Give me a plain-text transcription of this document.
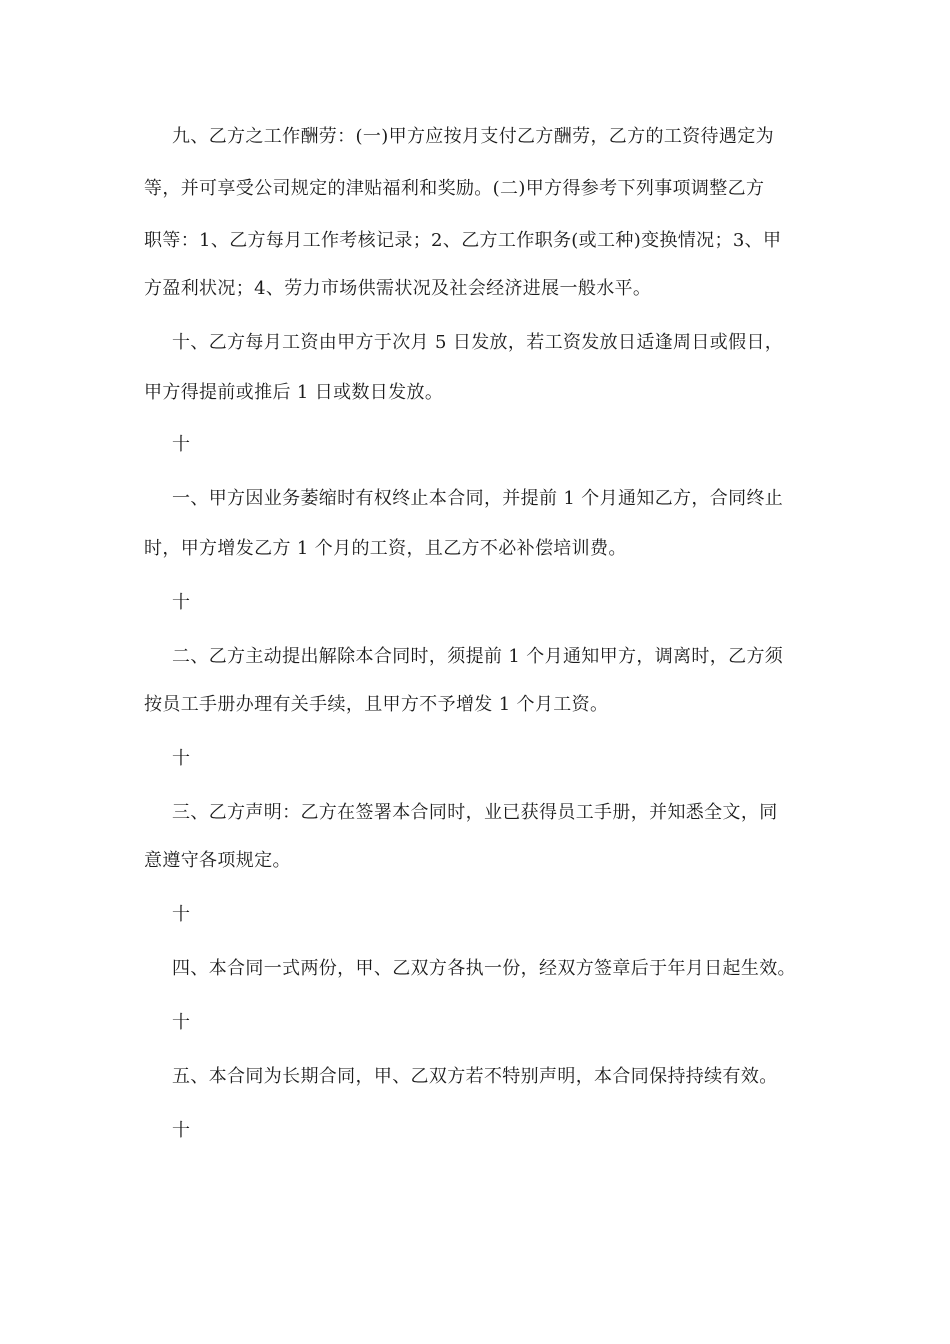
九、乙方之工作酬劳：(一)甲方应按月支付乙方酬劳，乙方的工资待遇定为
等，并可享受公司规定的津贴福利和奖励。(二)甲方得参考下列事项调整乙方
职等：1、乙方每月工作考核记录；2、乙方工作职务(或工种)变换情况；3、甲
方盈利状况；4、劳力市场供需状况及社会经济进展一般水平。
十、乙方每月工资由甲方于次月 5 日发放，若工资发放日适逢周日或假日，
甲方得提前或推后 1 日或数日发放。
十
一、甲方因业务萎缩时有权终止本合同，并提前 1 个月通知乙方，合同终止
时，甲方增发乙方 1 个月的工资，且乙方不必补偿培训费。
十
二、乙方主动提出解除本合同时，须提前 1 个月通知甲方，调离时，乙方须
按员工手册办理有关手续，且甲方不予增发 1 个月工资。
十
三、乙方声明：乙方在签署本合同时，业已获得员工手册，并知悉全文，同
意遵守各项规定。
十
四、本合同一式两份，甲、乙双方各执一份，经双方签章后于年月日起生效。
十
五、本合同为长期合同，甲、乙双方若不特别声明，本合同保持持续有效。
十
